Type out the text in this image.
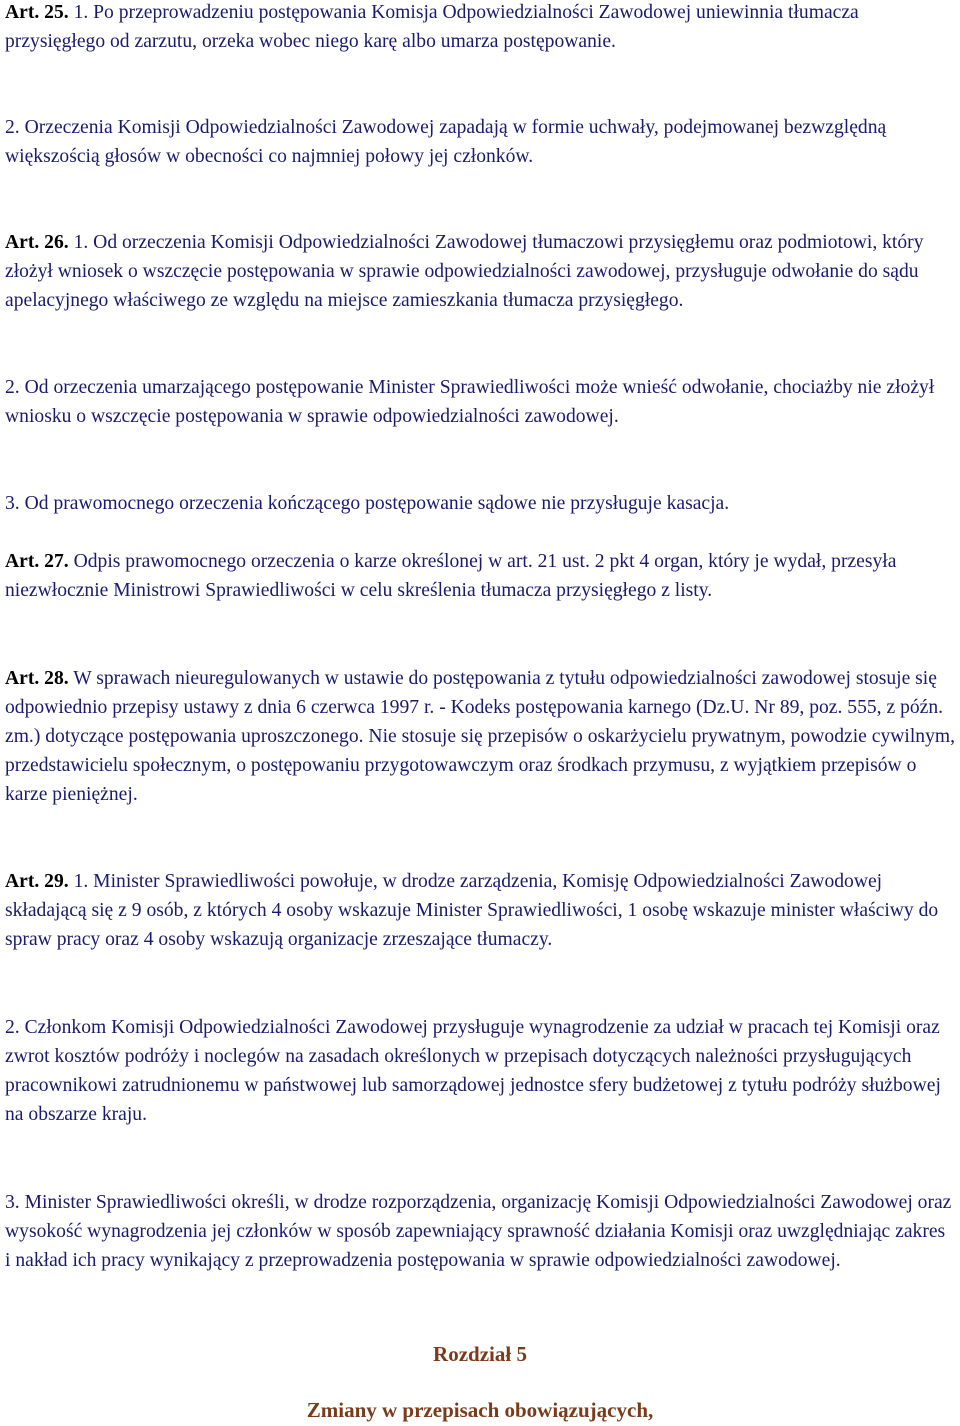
Art. 25. 1. Po przeprowadzeniu postępowania Komisja Odpowiedzialności Zawodowej uniewinnia tłumacza przysięgłego od zarzutu, orzeka wobec niego karę albo umarza postępowanie.

2. Orzeczenia Komisji Odpowiedzialności Zawodowej zapadają w formie uchwały, podejmowanej bezwzględną większością głosów w obecności co najmniej połowy jej członków.

Art. 26. 1. Od orzeczenia Komisji Odpowiedzialności Zawodowej tłumaczowi przysięgłemu oraz podmiotowi, który złożył wniosek o wszczęcie postępowania w sprawie odpowiedzialności zawodowej, przysługuje odwołanie do sądu apelacyjnego właściwego ze względu na miejsce zamieszkania tłumacza przysięgłego.

2. Od orzeczenia umarzającego postępowanie Minister Sprawiedliwości może wnieść odwołanie, chociażby nie złożył wniosku o wszczęcie postępowania w sprawie odpowiedzialności zawodowej.

3. Od prawomocnego orzeczenia kończącego postępowanie sądowe nie przysługuje kasacja.

Art. 27. Odpis prawomocnego orzeczenia o karze określonej w art. 21 ust. 2 pkt 4 organ, który je wydał, przesyła niezwłocznie Ministrowi Sprawiedliwości w celu skreślenia tłumacza przysięgłego z listy.

Art. 28. W sprawach nieuregulowanych w ustawie do postępowania z tytułu odpowiedzialności zawodowej stosuje się odpowiednio przepisy ustawy z dnia 6 czerwca 1997 r. - Kodeks postępowania karnego (Dz.U. Nr 89, poz. 555, z późn. zm.) dotyczące postępowania uproszczonego. Nie stosuje się przepisów o oskarżycielu prywatnym, powodzie cywilnym, przedstawicielu społecznym, o postępowaniu przygotowawczym oraz środkach przymusu, z wyjątkiem przepisów o karze pieniężnej.

Art. 29. 1. Minister Sprawiedliwości powołuje, w drodze zarządzenia, Komisję Odpowiedzialności Zawodowej składającą się z 9 osób, z których 4 osoby wskazuje Minister Sprawiedliwości, 1 osobę wskazuje minister właściwy do spraw pracy oraz 4 osoby wskazują organizacje zrzeszające tłumaczy.

2. Członkom Komisji Odpowiedzialności Zawodowej przysługuje wynagrodzenie za udział w pracach tej Komisji oraz zwrot kosztów podróży i noclegów na zasadach określonych w przepisach dotyczących należności przysługujących pracownikowi zatrudnionemu w państwowej lub samorządowej jednostce sfery budżetowej z tytułu podróży służbowej na obszarze kraju.

3. Minister Sprawiedliwości określi, w drodze rozporządzenia, organizację Komisji Odpowiedzialności Zawodowej oraz wysokość wynagrodzenia jej członków w sposób zapewniający sprawność działania Komisji oraz uwzględniając zakres i nakład ich pracy wynikający z przeprowadzenia postępowania w sprawie odpowiedzialności zawodowej.

Rozdział 5
Zmiany w przepisach obowiązujących,
